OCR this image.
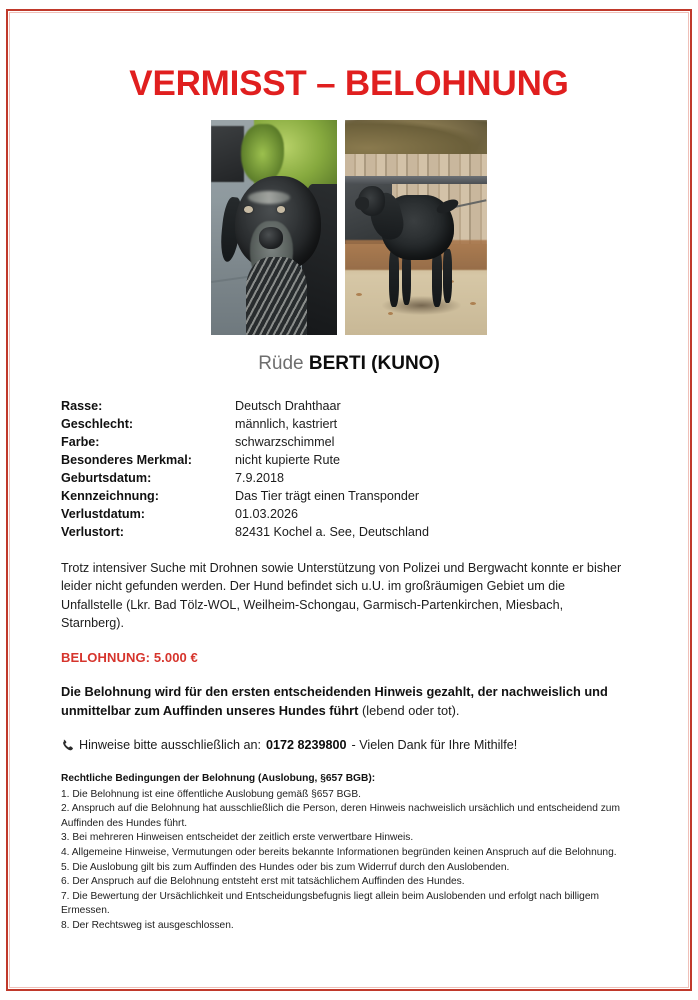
VERMISST – BELOHNUNG
Rüde BERTI (KUNO)
Rasse:	Deutsch Drahthaar
Geschlecht:	männlich, kastriert
Farbe:	schwarzschimmel
Besonderes Merkmal:	nicht kupierte Rute
Geburtsdatum:	7.9.2018
Kennzeichnung:	Das Tier trägt einen Transponder
Verlustdatum:	01.03.2026
Verlustort:	82431 Kochel a. See, Deutschland

Trotz intensiver Suche mit Drohnen sowie Unterstützung von Polizei und Bergwacht konnte er bisher leider nicht gefunden werden. Der Hund befindet sich u.U. im großräumigen Gebiet um die Unfallstelle (Lkr. Bad Tölz-WOL, Weilheim-Schongau, Garmisch-Partenkirchen, Miesbach, Starnberg).

BELOHNUNG: 5.000 €

Die Belohnung wird für den ersten entscheidenden Hinweis gezahlt, der nachweislich und unmittelbar zum Auffinden unseres Hundes führt (lebend oder tot).

Hinweise bitte ausschließlich an: 0172 8239800 - Vielen Dank für Ihre Mithilfe!

Rechtliche Bedingungen der Belohnung (Auslobung, §657 BGB):

1. Die Belohnung ist eine öffentliche Auslobung gemäß §657 BGB.

2. Anspruch auf die Belohnung hat ausschließlich die Person, deren Hinweis nachweislich ursächlich und entscheidend zum Auffinden des Hundes führt.

3. Bei mehreren Hinweisen entscheidet der zeitlich erste verwertbare Hinweis.

4. Allgemeine Hinweise, Vermutungen oder bereits bekannte Informationen begründen keinen Anspruch auf die Belohnung.

5. Die Auslobung gilt bis zum Auffinden des Hundes oder bis zum Widerruf durch den Auslobenden.

6. Der Anspruch auf die Belohnung entsteht erst mit tatsächlichem Auffinden des Hundes.

7. Die Bewertung der Ursächlichkeit und Entscheidungsbefugnis liegt allein beim Auslobenden und erfolgt nach billigem Ermessen.

8. Der Rechtsweg ist ausgeschlossen.
